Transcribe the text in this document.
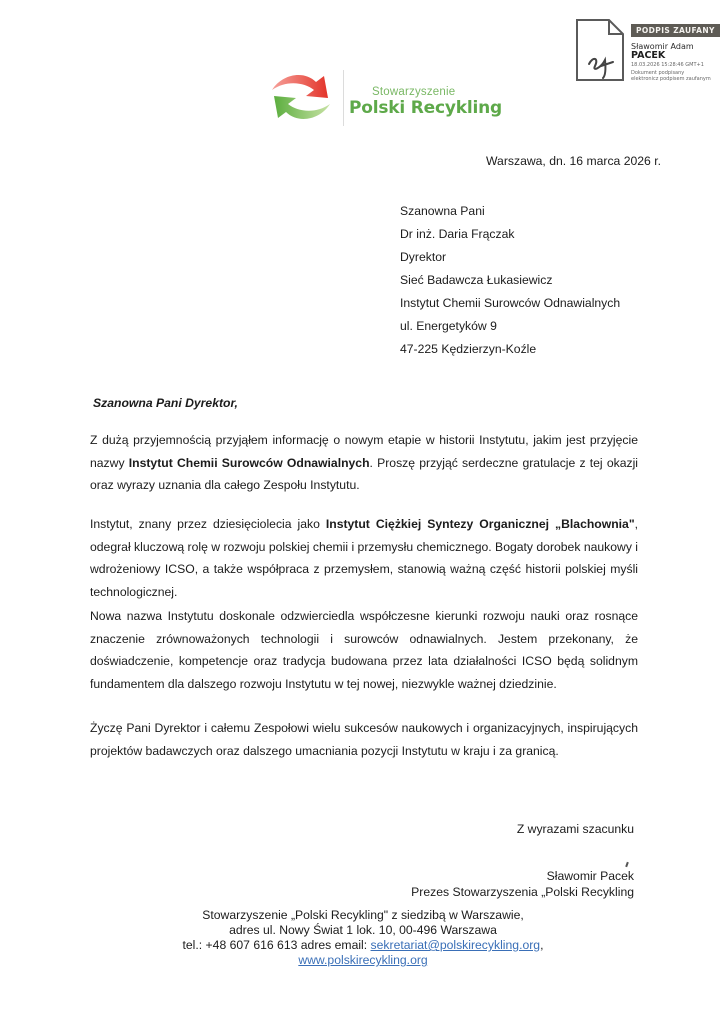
PODPIS ZAUFANY
Sławomir Adam
PACEK
18.03.2026 15:28:46 GMT+1
Dokument podpisany elektronicz podpisem zaufanym
Stowarzyszenie
Polski Recykling
Warszawa, dn. 16 marca 2026 r.
Szanowna Pani
Dr inż. Daria Frączak
Dyrektor
Sieć Badawcza Łukasiewicz
Instytut Chemii Surowców Odnawialnych
ul. Energetyków 9
47-225 Kędzierzyn-Koźle
Szanowna Pani Dyrektor,
Z dużą przyjemnością przyjąłem informację o nowym etapie w historii Instytutu, jakim jest przyjęcie nazwy Instytut Chemii Surowców Odnawialnych. Proszę przyjąć serdeczne gratulacje z tej okazji oraz wyrazy uznania dla całego Zespołu Instytutu.
Instytut, znany przez dziesięciolecia jako Instytut Ciężkiej Syntezy Organicznej „Blachownia", odegrał kluczową rolę w rozwoju polskiej chemii i przemysłu chemicznego. Bogaty dorobek naukowy i wdrożeniowy ICSO, a także współpraca z przemysłem, stanowią ważną część historii polskiej myśli technologicznej.
Nowa nazwa Instytutu doskonale odzwierciedla współczesne kierunki rozwoju nauki oraz rosnące znaczenie zrównoważonych technologii i surowców odnawialnych. Jestem przekonany, że doświadczenie, kompetencje oraz tradycja budowana przez lata działalności ICSO będą solidnym fundamentem dla dalszego rozwoju Instytutu w tej nowej, niezwykle ważnej dziedzinie.
Życzę Pani Dyrektor i całemu Zespołowi wielu sukcesów naukowych i organizacyjnych, inspirujących projektów badawczych oraz dalszego umacniania pozycji Instytutu w kraju i za granicą.
Z wyrazami szacunku
Sławomir Pacek
Prezes Stowarzyszenia „Polski Recykling
Stowarzyszenie „Polski Recykling" z siedzibą w Warszawie,
adres ul. Nowy Świat 1 lok. 10, 00-496 Warszawa
tel.: +48 607 616 613 adres email: sekretariat@polskirecykling.org,
www.polskirecykling.org
